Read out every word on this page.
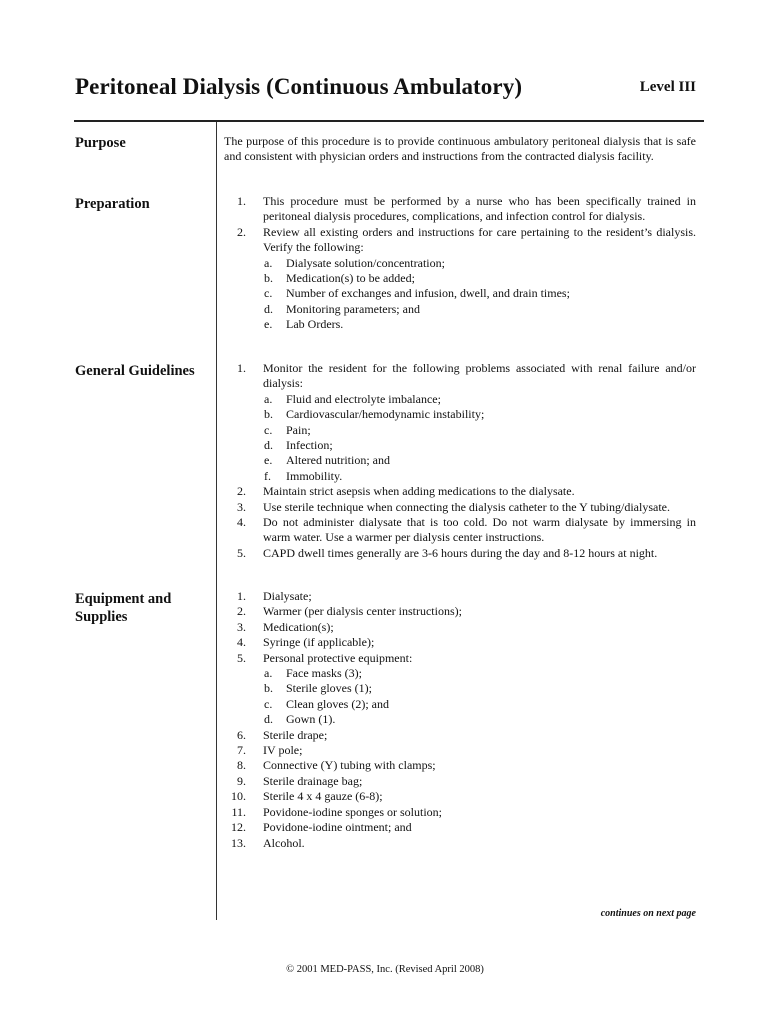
Peritoneal Dialysis (Continuous Ambulatory)	Level III
Purpose	The purpose of this procedure is to provide continuous ambulatory peritoneal dialysis that is safe and consistent with physician orders and instructions from the contracted dialysis facility.
Preparation	1. This procedure must be performed by a nurse who has been specifically trained in peritoneal dialysis procedures, complications, and infection control for dialysis.
2. Review all existing orders and instructions for care pertaining to the resident’s dialysis. Verify the following:
a. Dialysate solution/concentration;
b. Medication(s) to be added;
c. Number of exchanges and infusion, dwell, and drain times;
d. Monitoring parameters; and
e. Lab Orders.
General Guidelines	1. Monitor the resident for the following problems associated with renal failure and/or dialysis:
a. Fluid and electrolyte imbalance;
b. Cardiovascular/hemodynamic instability;
c. Pain;
d. Infection;
e. Altered nutrition; and
f. Immobility.
2. Maintain strict asepsis when adding medications to the dialysate.
3. Use sterile technique when connecting the dialysis catheter to the Y tubing/dialysate.
4. Do not administer dialysate that is too cold. Do not warm dialysate by immersing in warm water. Use a warmer per dialysis center instructions.
5. CAPD dwell times generally are 3-6 hours during the day and 8-12 hours at night.
Equipment and
Supplies
1. Dialysate;
2. Warmer (per dialysis center instructions);
3. Medication(s);
4. Syringe (if applicable);
5. Personal protective equipment:
a. Face masks (3);
b. Sterile gloves (1);
c. Clean gloves (2); and
d. Gown (1).
6. Sterile drape;
7. IV pole;
8. Connective (Y) tubing with clamps;
9. Sterile drainage bag;
10. Sterile 4 x 4 gauze (6-8);
11. Povidone-iodine sponges or solution;
12. Povidone-iodine ointment; and
13. Alcohol.
continues on next page
© 2001 MED-PASS, Inc. (Revised April 2008)
